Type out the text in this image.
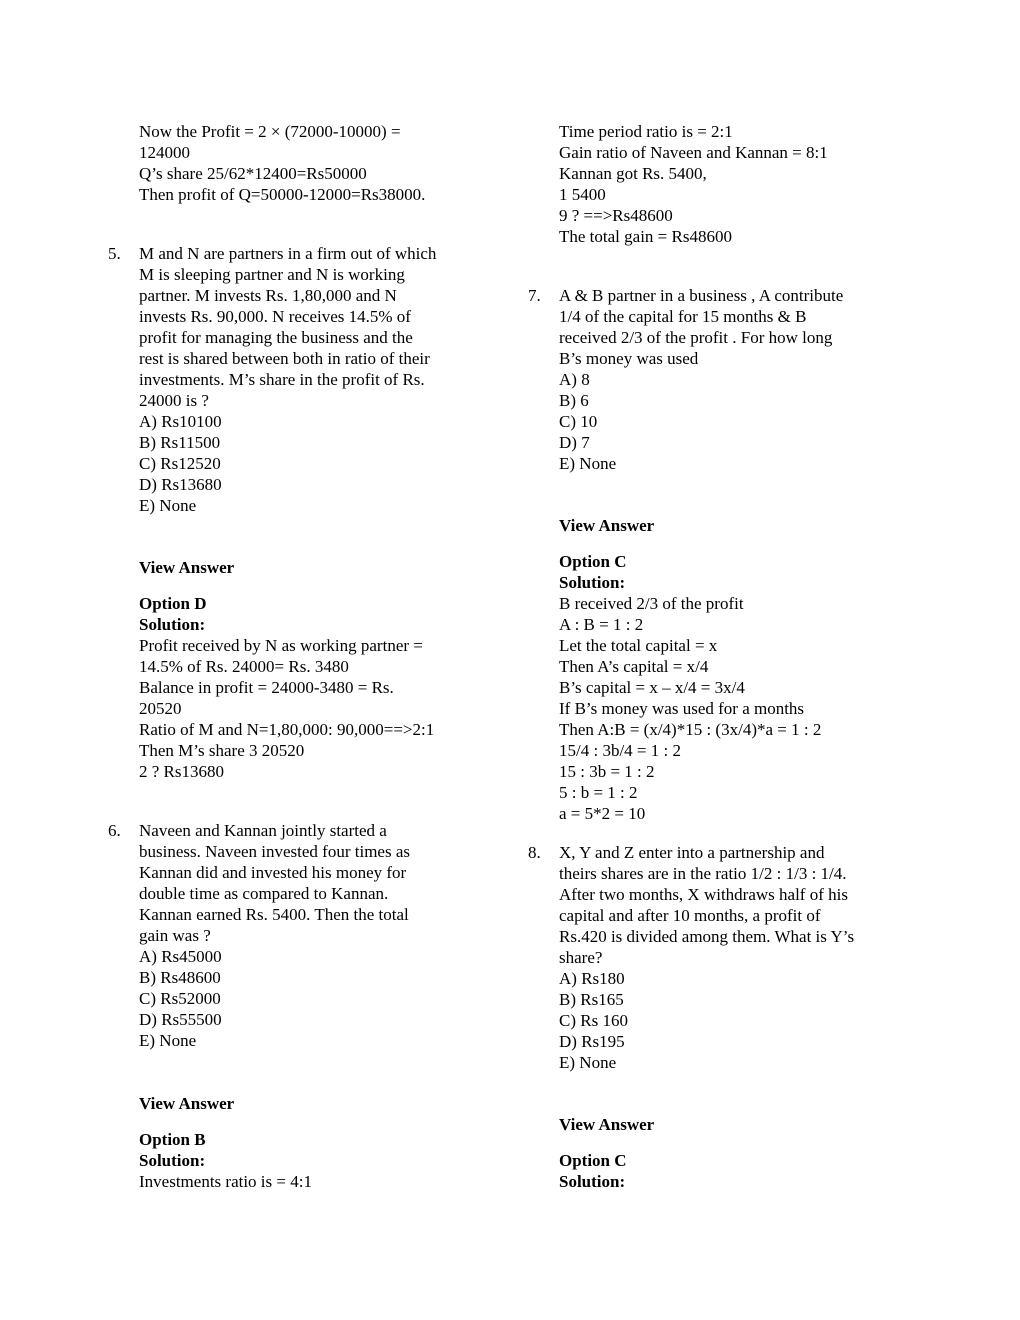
Now the Profit = 2 × (72000-10000) =
124000
Q’s share 25/62*12400=Rs50000
Then profit of Q=50000-12000=Rs38000.
5. M and N are partners in a firm out of which
M is sleeping partner and N is working
partner. M invests Rs. 1,80,000 and N
invests Rs. 90,000. N receives 14.5% of
profit for managing the business and the
rest is shared between both in ratio of their
investments. M’s share in the profit of Rs.
24000 is ?
A) Rs10100
B) Rs11500
C) Rs12520
D) Rs13680
E) None
View Answer
Option D
Solution:
Profit received by N as working partner =
14.5% of Rs. 24000= Rs. 3480
Balance in profit = 24000-3480 = Rs.
20520
Ratio of M and N=1,80,000: 90,000==>2:1
Then M’s share 3 20520
2 ? Rs13680
6. Naveen and Kannan jointly started a
business. Naveen invested four times as
Kannan did and invested his money for
double time as compared to Kannan.
Kannan earned Rs. 5400. Then the total
gain was ?
A) Rs45000
B) Rs48600
C) Rs52000
D) Rs55500
E) None
View Answer
Option B
Solution:
Investments ratio is = 4:1
Time period ratio is = 2:1
Gain ratio of Naveen and Kannan = 8:1
Kannan got Rs. 5400,
1 5400
9 ? ==>Rs48600
The total gain = Rs48600
7. A & B partner in a business , A contribute
1/4 of the capital for 15 months & B
received 2/3 of the profit . For how long
B’s money was used
A) 8
B) 6
C) 10
D) 7
E) None
View Answer
Option C
Solution:
B received 2/3 of the profit
A : B = 1 : 2
Let the total capital = x
Then A’s capital = x/4
B’s capital = x – x/4 = 3x/4
If B’s money was used for a months
Then A:B = (x/4)*15 : (3x/4)*a = 1 : 2
15/4 : 3b/4 = 1 : 2
15 : 3b = 1 : 2
5 : b = 1 : 2
a = 5*2 = 10
8. X, Y and Z enter into a partnership and
theirs shares are in the ratio 1/2 : 1/3 : 1/4.
After two months, X withdraws half of his
capital and after 10 months, a profit of
Rs.420 is divided among them. What is Y’s
share?
A) Rs180
B) Rs165
C) Rs 160
D) Rs195
E) None
View Answer
Option C
Solution:
